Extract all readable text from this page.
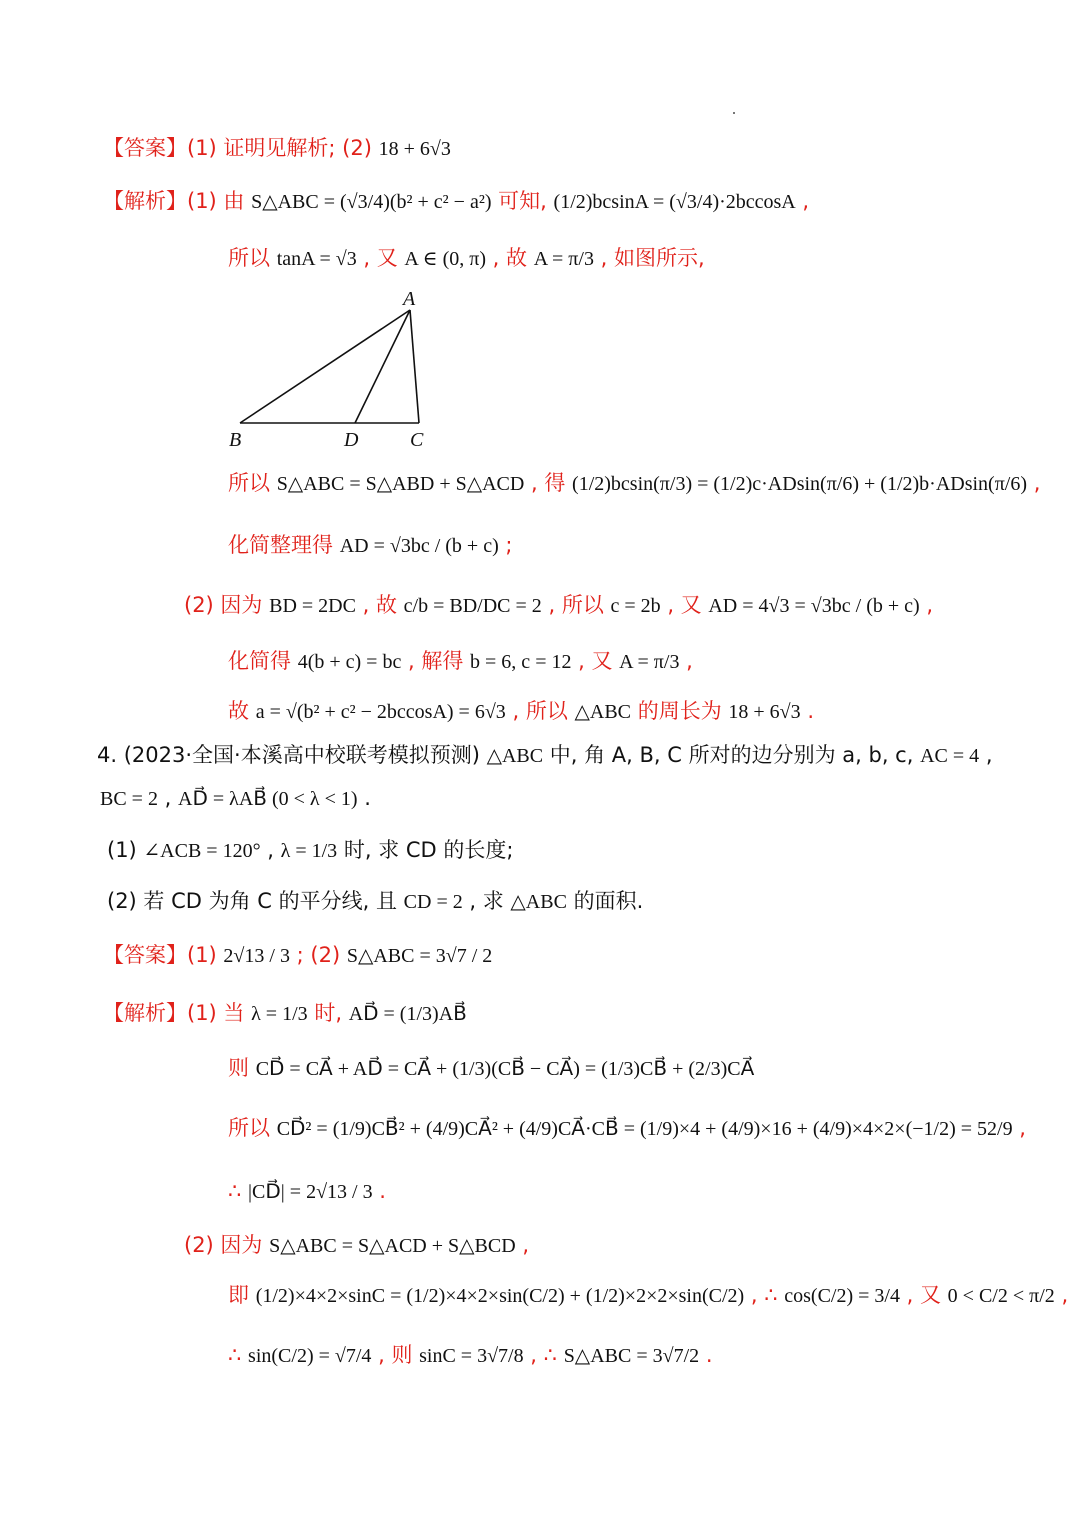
【答案】(1) 证明见解析; (2) 18 + 6√3
【解析】(1) 由 S△ABC = (√3/4)(b² + c² − a²) 可知, (1/2)bcsinA = (√3/4)·2bccosA ,
所以 tanA = √3 , 又 A ∈ (0, π) , 故 A = π/3 , 如图所示,
所以 S△ABC = S△ABD + S△ACD , 得 (1/2)bcsin(π/3) = (1/2)c·ADsin(π/6) + (1/2)b·ADsin(π/6) ,
化简整理得 AD = √3bc / (b + c) ;
(2) 因为 BD = 2DC , 故 c/b = BD/DC = 2 , 所以 c = 2b , 又 AD = 4√3 = √3bc / (b + c) ,
化简得 4(b + c) = bc , 解得 b = 6, c = 12 , 又 A = π/3 ,
故 a = √(b² + c² − 2bccosA) = 6√3 , 所以 △ABC 的周长为 18 + 6√3 .
4. (2023·全国·本溪高中校联考模拟预测) △ABC 中, 角 A, B, C 所对的边分别为 a, b, c, AC = 4 ,
BC = 2 , AD⃗ = λAB⃗ (0 < λ < 1) .
(1) ∠ACB = 120° , λ = 1/3 时, 求 CD 的长度;
(2) 若 CD 为角 C 的平分线, 且 CD = 2 , 求 △ABC 的面积.
【答案】(1) 2√13 / 3 ; (2) S△ABC = 3√7 / 2
【解析】(1) 当 λ = 1/3 时, AD⃗ = (1/3)AB⃗
则 CD⃗ = CA⃗ + AD⃗ = CA⃗ + (1/3)(CB⃗ − CA⃗) = (1/3)CB⃗ + (2/3)CA⃗
所以 CD⃗² = (1/9)CB⃗² + (4/9)CA⃗² + (4/9)CA⃗·CB⃗ = (1/9)×4 + (4/9)×16 + (4/9)×4×2×(−1/2) = 52/9 ,
∴ |CD⃗| = 2√13 / 3 .
(2) 因为 S△ABC = S△ACD + S△BCD ,
即 (1/2)×4×2×sinC = (1/2)×4×2×sin(C/2) + (1/2)×2×2×sin(C/2) , ∴ cos(C/2) = 3/4 , 又 0 < C/2 < π/2 ,
∴ sin(C/2) = √7/4 , 则 sinC = 3√7/8 , ∴ S△ABC = 3√7/2 .
A
B	D	C
